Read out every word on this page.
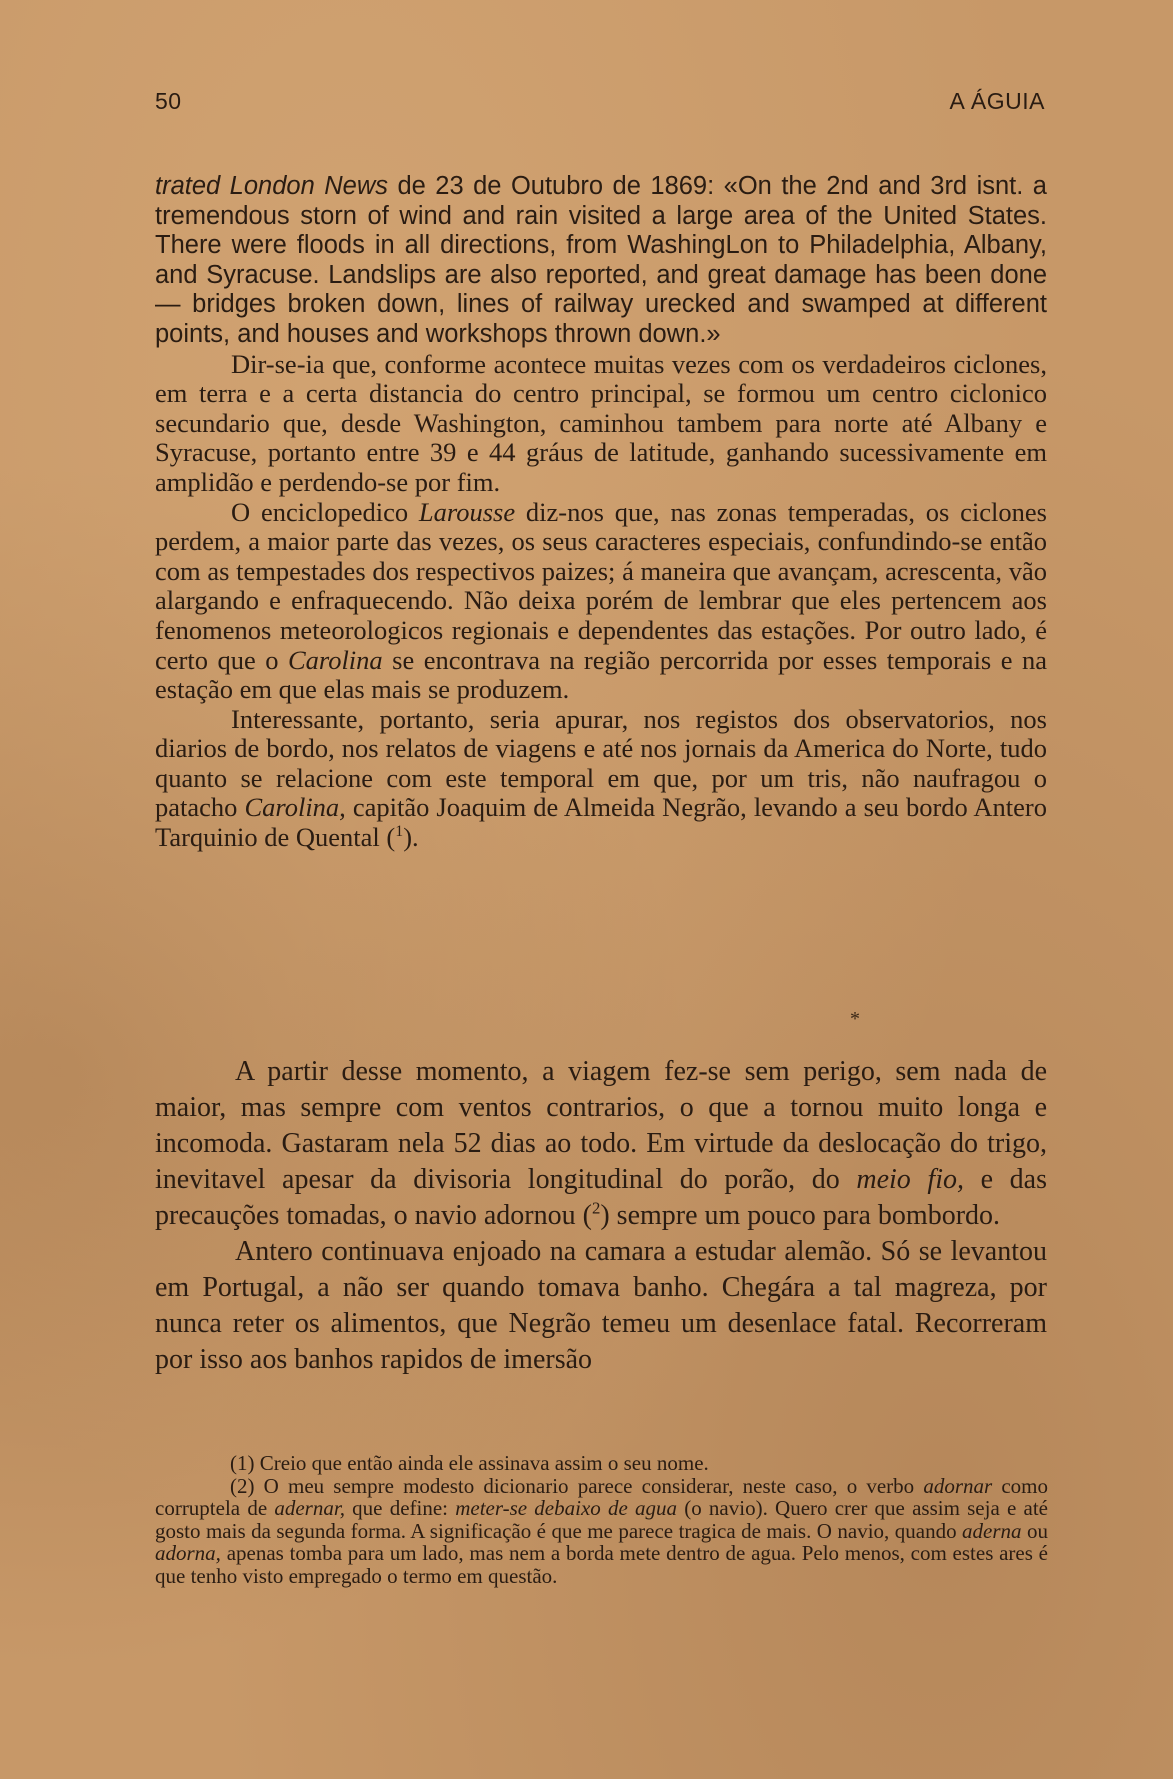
50	A ÁGUIA

trated London News de 23 de Outubro de 1869: «On the 2nd and 3rd isnt. a tremendous storn of wind and rain visited a large area of the United States. There were floods in all directions, from WashingLon to Philadelphia, Albany, and Syracuse. Landslips are also reported, and great damage has been done — bridges broken down, lines of railway urecked and swamped at different points, and houses and workshops thrown down.»

Dir-se-ia que, conforme acontece muitas vezes com os verdadeiros ciclones, em terra e a certa distancia do centro principal, se formou um centro ciclonico secundario que, desde Washington, caminhou tambem para norte até Albany e Syracuse, portanto entre 39 e 44 gráus de latitude, ganhando sucessivamente em amplidão e perdendo-se por fim.

O enciclopedico Larousse diz-nos que, nas zonas temperadas, os ciclones perdem, a maior parte das vezes, os seus caracteres especiais, confundindo-se então com as tempestades dos respectivos paizes; á maneira que avançam, acrescenta, vão alargando e enfraquecendo. Não deixa porém de lembrar que eles pertencem aos fenomenos meteorologicos regionais e dependentes das estações. Por outro lado, é certo que o Carolina se encontrava na região percorrida por esses temporais e na estação em que elas mais se produzem.

Interessante, portanto, seria apurar, nos registos dos observatorios, nos diarios de bordo, nos relatos de viagens e até nos jornais da America do Norte, tudo quanto se relacione com este temporal em que, por um tris, não naufragou o patacho Carolina, capitão Joaquim de Almeida Negrão, levando a seu bordo Antero Tarquinio de Quental ($^1$).

*

A partir desse momento, a viagem fez-se sem perigo, sem nada de maior, mas sempre com ventos contrarios, o que a tornou muito longa e incomoda. Gastaram nela 52 dias ao todo. Em virtude da deslocação do trigo, inevitavel apesar da divisoria longitudinal do porão, do meio fio, e das precauções tomadas, o navio adornou ($^2$) sempre um pouco para bombordo.

Antero continuava enjoado na camara a estudar alemão. Só se levantou em Portugal, a não ser quando tomava banho. Chegára a tal magreza, por nunca reter os alimentos, que Negrão temeu um desenlace fatal. Recorreram por isso aos banhos rapidos de imersão

(1) Creio que então ainda ele assinava assim o seu nome.

(2) O meu sempre modesto dicionario parece considerar, neste caso, o verbo adornar como corruptela de adernar, que define: meter-se debaixo de agua (o navio). Quero crer que assim seja e até gosto mais da segunda forma. A significação é que me parece tragica de mais. O navio, quando aderna ou adorna, apenas tomba para um lado, mas nem a borda mete dentro de agua. Pelo menos, com estes ares é que tenho visto empregado o termo em questão.
